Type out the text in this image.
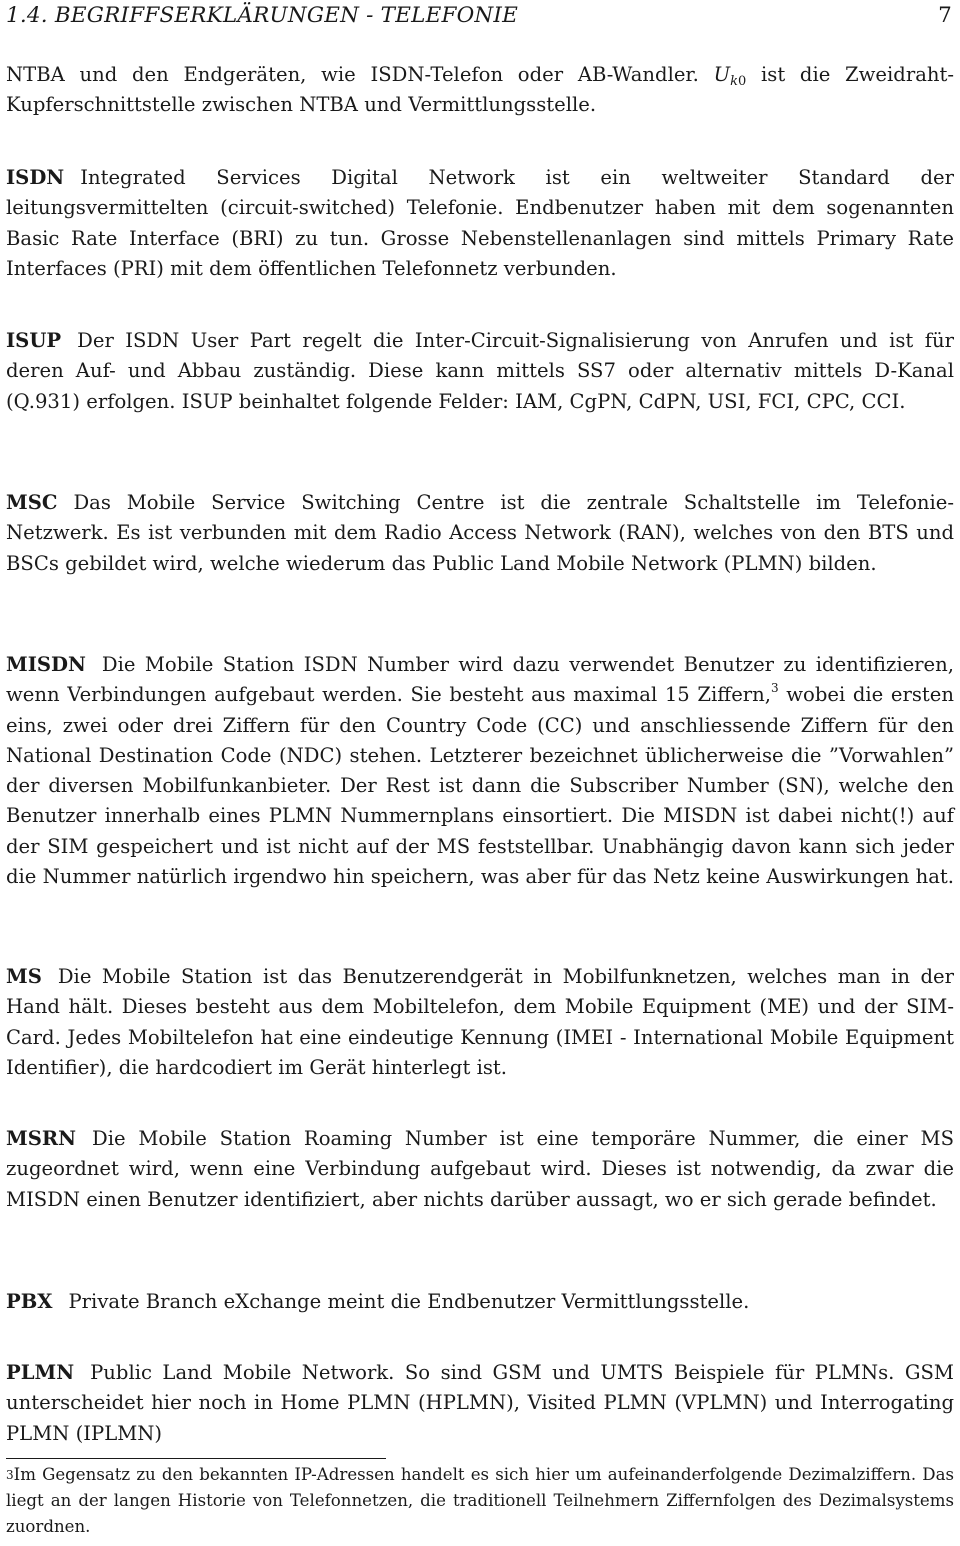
1.4. BEGRIFFSERKLÄRUNGEN - TELEFONIE	7

NTBA und den Endgeräten, wie ISDN-Telefon oder AB-Wandler. $U_{k0}$ ist die Zweidraht-Kupferschnittstelle zwischen NTBA und Vermittlungsstelle.

ISDN Integrated Services Digital Network ist ein weltweiter Standard der leitungsvermittelten (circuit-switched) Telefonie. Endbenutzer haben mit dem sogenannten Basic Rate Interface (BRI) zu tun. Grosse Nebenstellenanlagen sind mittels Primary Rate Interfaces (PRI) mit dem öffentlichen Telefonnetz verbunden.

ISUP Der ISDN User Part regelt die Inter-Circuit-Signalisierung von Anrufen und ist für deren Auf- und Abbau zuständig. Diese kann mittels SS7 oder alternativ mittels D-Kanal (Q.931) erfolgen. ISUP beinhaltet folgende Felder: IAM, CgPN, CdPN, USI, FCI, CPC, CCI.

MSC Das Mobile Service Switching Centre ist die zentrale Schaltstelle im Telefonie-Netzwerk. Es ist verbunden mit dem Radio Access Network (RAN), welches von den BTS und BSCs gebildet wird, welche wiederum das Public Land Mobile Network (PLMN) bilden.

MISDN Die Mobile Station ISDN Number wird dazu verwendet Benutzer zu identifizieren, wenn Verbindungen aufgebaut werden. Sie besteht aus maximal 15 Ziffern,$^3$ wobei die ersten eins, zwei oder drei Ziffern für den Country Code (CC) und anschliessende Ziffern für den National Destination Code (NDC) stehen. Letzterer bezeichnet üblicherweise die ”Vorwahlen” der diversen Mobilfunkanbieter. Der Rest ist dann die Subscriber Number (SN), welche den Benutzer innerhalb eines PLMN Nummernplans einsortiert. Die MISDN ist dabei nicht(!) auf der SIM gespeichert und ist nicht auf der MS feststellbar. Unabhängig davon kann sich jeder die Nummer natürlich irgendwo hin speichern, was aber für das Netz keine Auswirkungen hat.

MS Die Mobile Station ist das Benutzerendgerät in Mobilfunknetzen, welches man in der Hand hält. Dieses besteht aus dem Mobiltelefon, dem Mobile Equipment (ME) und der SIM-Card. Jedes Mobiltelefon hat eine eindeutige Kennung (IMEI - International Mobile Equipment Identifier), die hardcodiert im Gerät hinterlegt ist.

MSRN Die Mobile Station Roaming Number ist eine temporäre Nummer, die einer MS zugeordnet wird, wenn eine Verbindung aufgebaut wird. Dieses ist notwendig, da zwar die MISDN einen Benutzer identifiziert, aber nichts darüber aussagt, wo er sich gerade befindet.

PBX Private Branch eXchange meint die Endbenutzer Vermittlungsstelle.

PLMN Public Land Mobile Network. So sind GSM und UMTS Beispiele für PLMNs. GSM unterscheidet hier noch in Home PLMN (HPLMN), Visited PLMN (VPLMN) und Interrogating PLMN (IPLMN)

$^3$Im Gegensatz zu den bekannten IP-Adressen handelt es sich hier um aufeinanderfolgende Dezimalziffern. Das liegt an der langen Historie von Telefonnetzen, die traditionell Teilnehmern Ziffernfolgen des Dezimalsystems zuordnen.
